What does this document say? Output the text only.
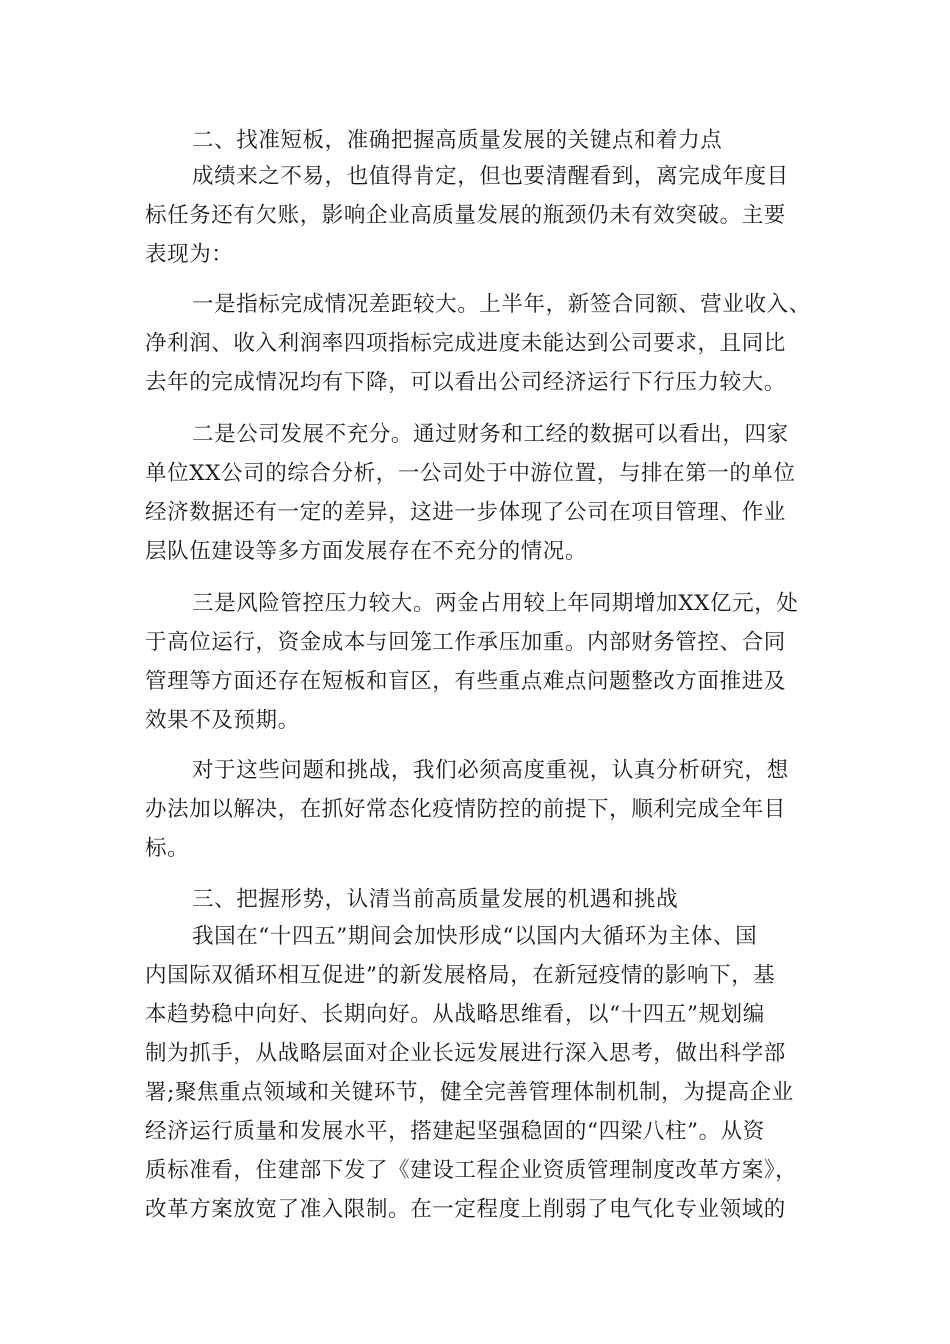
二、找准短板，准确把握高质量发展的关键点和着力点
成绩来之不易，也值得肯定，但也要清醒看到，离完成年度目
标任务还有欠账，影响企业高质量发展的瓶颈仍未有效突破。主要
表现为：
一是指标完成情况差距较大。上半年，新签合同额、营业收入、
净利润、收入利润率四项指标完成进度未能达到公司要求，且同比
去年的完成情况均有下降，可以看出公司经济运行下行压力较大。
二是公司发展不充分。通过财务和工经的数据可以看出，四家
单位XX公司的综合分析，一公司处于中游位置，与排在第一的单位
经济数据还有一定的差异，这进一步体现了公司在项目管理、作业
层队伍建设等多方面发展存在不充分的情况。
三是风险管控压力较大。两金占用较上年同期增加XX亿元，处
于高位运行，资金成本与回笼工作承压加重。内部财务管控、合同
管理等方面还存在短板和盲区，有些重点难点问题整改方面推进及
效果不及预期。
对于这些问题和挑战，我们必须高度重视，认真分析研究，想
办法加以解决，在抓好常态化疫情防控的前提下，顺利完成全年目
标。
三、把握形势，认清当前高质量发展的机遇和挑战
我国在“十四五”期间会加快形成“以国内大循环为主体、国
内国际双循环相互促进”的新发展格局，在新冠疫情的影响下，基
本趋势稳中向好、长期向好。从战略思维看，以“十四五”规划编
制为抓手，从战略层面对企业长远发展进行深入思考，做出科学部
署;聚焦重点领域和关键环节，健全完善管理体制机制，为提高企业
经济运行质量和发展水平，搭建起坚强稳固的“四梁八柱”。从资
质标准看，住建部下发了《建设工程企业资质管理制度改革方案》，
改革方案放宽了准入限制。在一定程度上削弱了电气化专业领域的
